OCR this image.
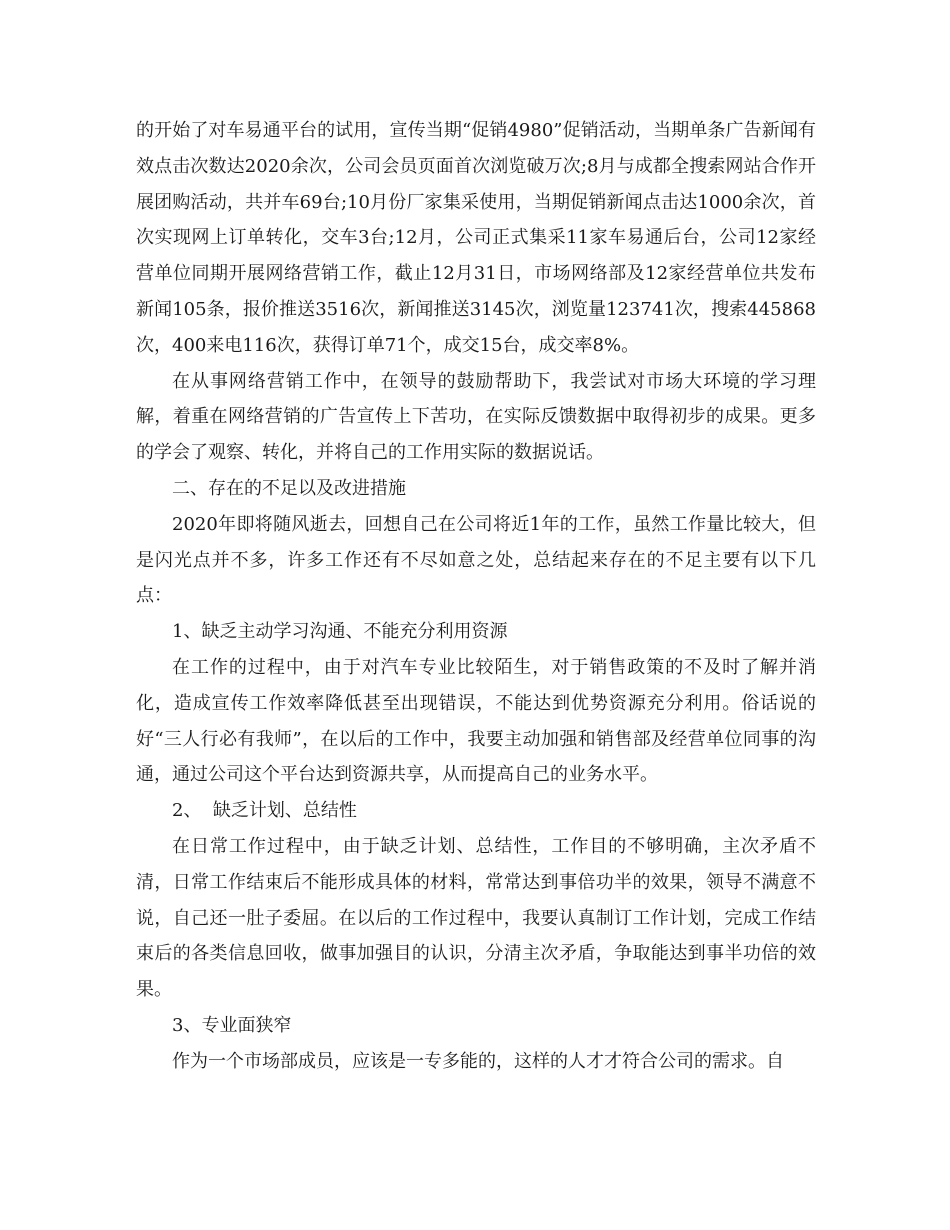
的开始了对车易通平台的试用，宣传当期“促销4980”促销活动，当期单条广告新闻有效点击次数达2020余次，公司会员页面首次浏览破万次;8月与成都全搜索网站合作开展团购活动，共并车69台;10月份厂家集采使用，当期促销新闻点击达1000余次，首次实现网上订单转化，交车3台;12月，公司正式集采11家车易通后台，公司12家经营单位同期开展网络营销工作，截止12月31日，市场网络部及12家经营单位共发布新闻105条，报价推送3516次，新闻推送3145次，浏览量123741次，搜索445868次，400来电116次，获得订单71个，成交15台，成交率8%。

在从事网络营销工作中，在领导的鼓励帮助下，我尝试对市场大环境的学习理解，着重在网络营销的广告宣传上下苦功，在实际反馈数据中取得初步的成果。更多的学会了观察、转化，并将自己的工作用实际的数据说话。

二、存在的不足以及改进措施

2020年即将随风逝去，回想自己在公司将近1年的工作，虽然工作量比较大，但是闪光点并不多，许多工作还有不尽如意之处，总结起来存在的不足主要有以下几点：

1、缺乏主动学习沟通、不能充分利用资源

在工作的过程中，由于对汽车专业比较陌生，对于销售政策的不及时了解并消化，造成宣传工作效率降低甚至出现错误，不能达到优势资源充分利用。俗话说的好“三人行必有我师”，在以后的工作中，我要主动加强和销售部及经营单位同事的沟通，通过公司这个平台达到资源共享，从而提高自己的业务水平。

2、  缺乏计划、总结性

在日常工作过程中，由于缺乏计划、总结性，工作目的不够明确，主次矛盾不清，日常工作结束后不能形成具体的材料，常常达到事倍功半的效果，领导不满意不说，自己还一肚子委屈。在以后的工作过程中，我要认真制订工作计划，完成工作结束后的各类信息回收，做事加强目的认识，分清主次矛盾，争取能达到事半功倍的效果。

3、专业面狭窄

作为一个市场部成员，应该是一专多能的，这样的人才才符合公司的需求。自
